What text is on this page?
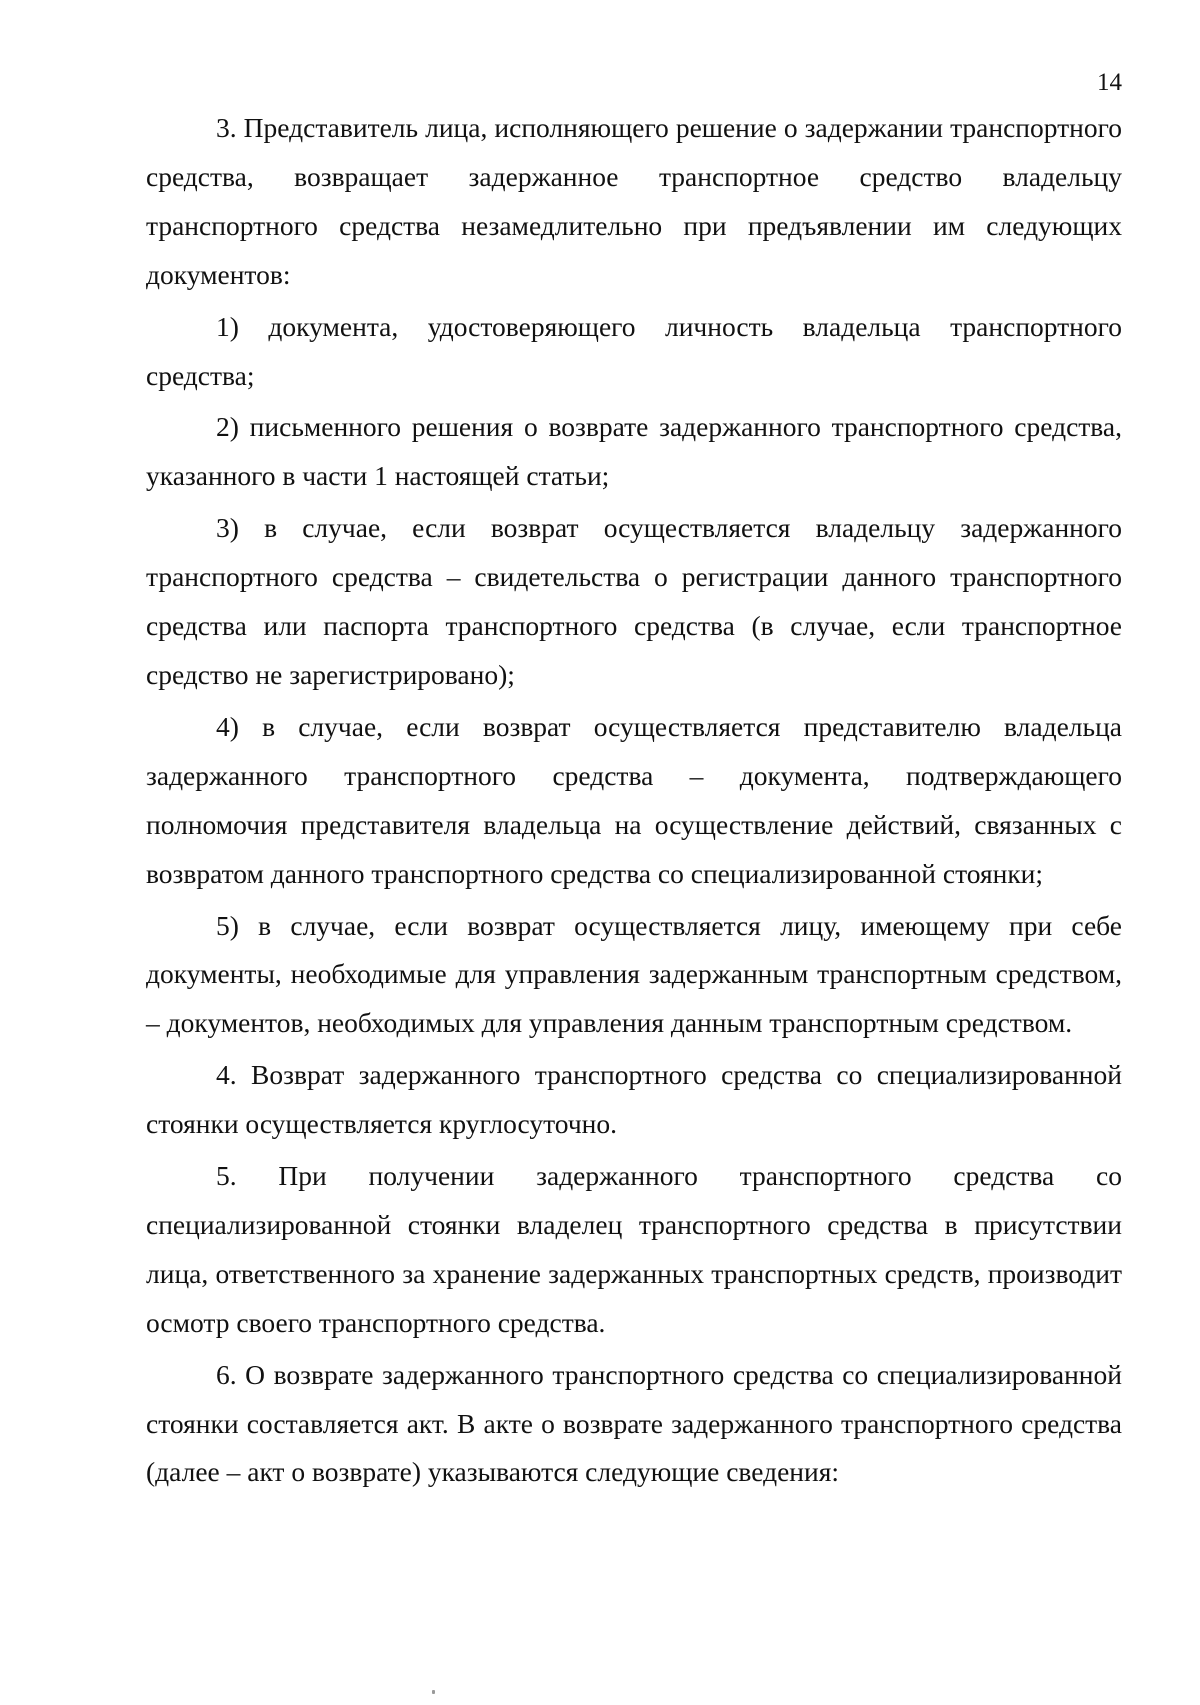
14

3. Представитель лица, исполняющего решение о задержании транспортного средства, возвращает задержанное транспортное средство владельцу транспортного средства незамедлительно при предъявлении им следующих документов:

1) документа, удостоверяющего личность владельца транспортного средства;

2) письменного решения о возврате задержанного транспортного средства, указанного в части 1 настоящей статьи;

3) в случае, если возврат осуществляется владельцу задержанного транспортного средства – свидетельства о регистрации данного транспортного средства или паспорта транспортного средства (в случае, если транспортное средство не зарегистрировано);

4) в случае, если возврат осуществляется представителю владельца задержанного транспортного средства – документа, подтверждающего полномочия представителя владельца на осуществление действий, связанных с возвратом данного транспортного средства со специализированной стоянки;

5) в случае, если возврат осуществляется лицу, имеющему при себе документы, необходимые для управления задержанным транспортным средством, – документов, необходимых для управления данным транспортным средством.

4. Возврат задержанного транспортного средства со специализированной стоянки осуществляется круглосуточно.

5. При получении задержанного транспортного средства со специализированной стоянки владелец транспортного средства в присутствии лица, ответственного за хранение задержанных транспортных средств, производит осмотр своего транспортного средства.

6. О возврате задержанного транспортного средства со специализированной стоянки составляется акт. В акте о возврате задержанного транспортного средства (далее – акт о возврате) указываются следующие сведения:
